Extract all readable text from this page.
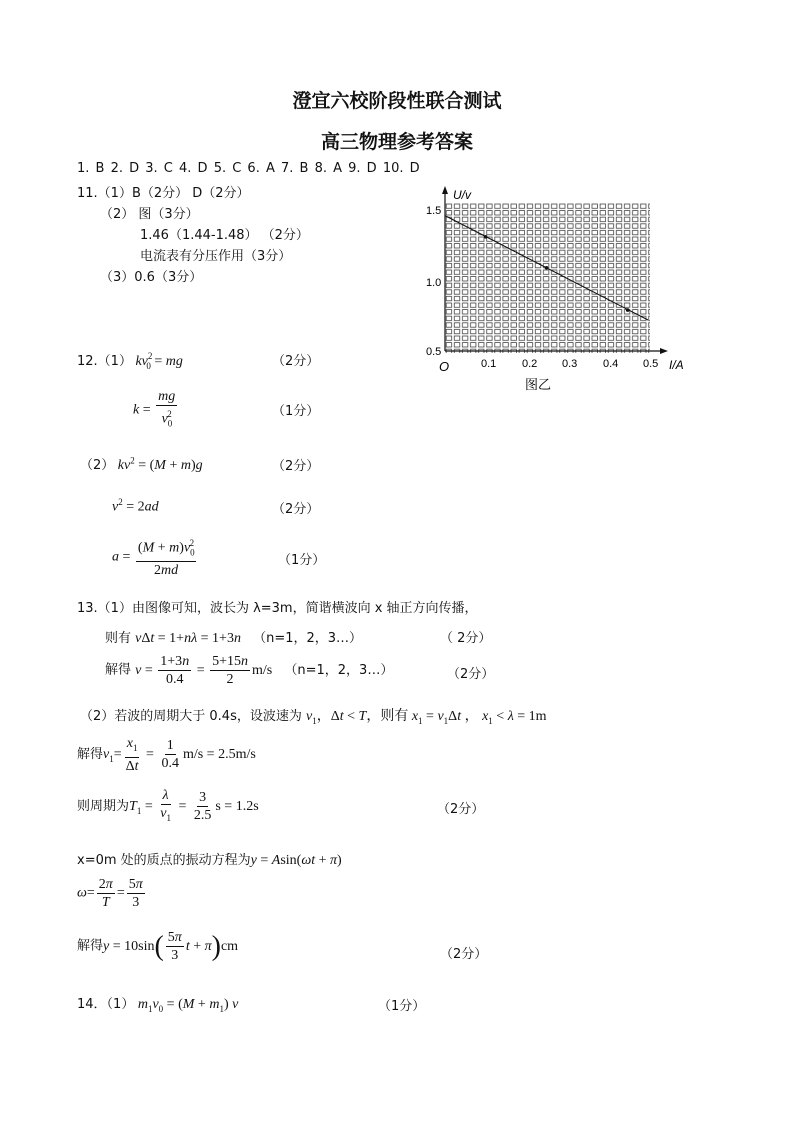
澄宜六校阶段性联合测试
高三物理参考答案
1. B 2. D 3. C 4. D 5. C 6. A 7. B 8. A 9. D 10. D
11.（1）B（2分） D（2分）
（2） 图（3分）
1.46（1.44-1.48） （2分）
电流表有分压作用（3分）
（3）0.6（3分）
U/v
I/A
O
1.5
1.0
0.5
0.1 0.2 0.3 0.4 0.5
图乙
12.（1） $kv_{20}$ = mg	（2分）
$k = \frac{mg}{v_0^2}$	（1分）
（2） $kv^2 = (M + m)g$	（2分）
$v^2 = 2ad$	（2分）
$a = \frac{(M + m)v_0^2}{2md}$	（1分）
13.（1）由图像可知，波长为 λ=3m，简谐横波向 x 轴正方向传播，
则有 vΔt = 1+nλ = 1+3n （n=1，2，3…）	（ 2分）
解得 $v = \frac{1+3n}{0.4} = \frac{5+15n}{2} m/s$ （n=1，2，3…）	（2分）
（2）若波的周期大于 0.4s，设波速为 $v_1$，Δt < T，则有 $x_1 = v_1\Delta t$ ， $x_1 < \lambda = 1m$
解得$v_1= \frac{x_1}{\Delta t} = \frac{1}{0.4} m/s = 2.5m/s$
则周期为$T_1 = \frac{\lambda}{v_1} = \frac{3}{2.5}$ s = 1.2s	（2分）
x=0m 处的质点的振动方程为y = Asin(ωt + π)
$\omega= \frac{2\pi}{T} = \frac{5\pi}{3}$
解得$y = 10\sin( \frac{5\pi}{3}$ t + π)cm
（2分）
14．（1） $m_1v_0 = (M + m_1)$ v	（1分）
